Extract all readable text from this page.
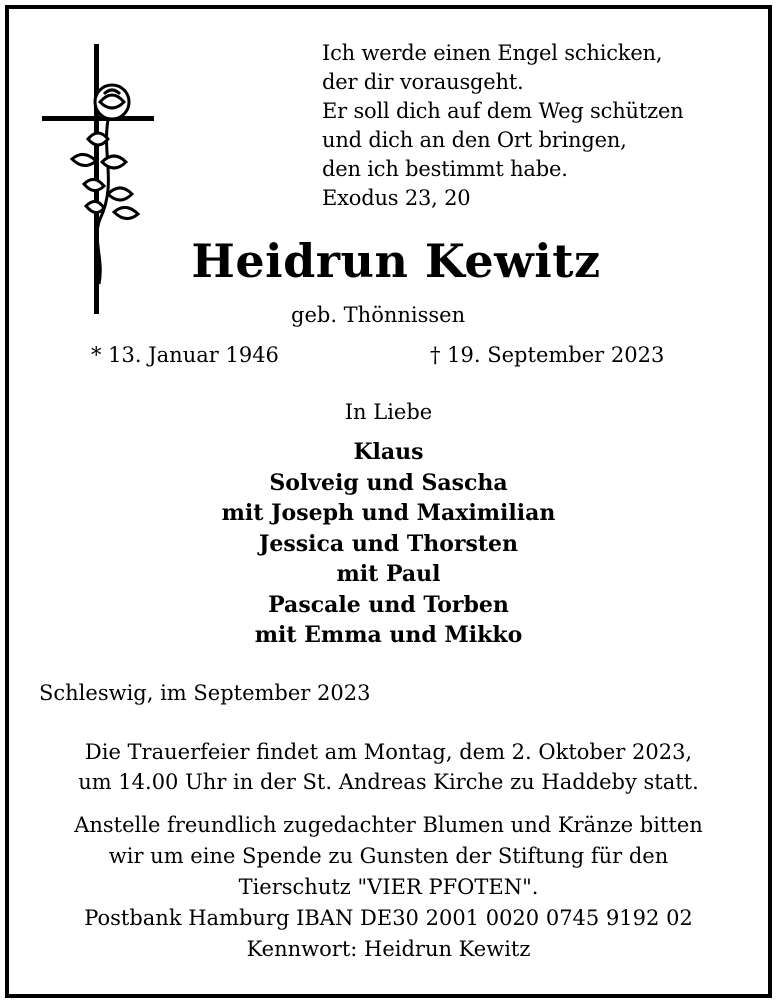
Ich werde einen Engel schicken,
der dir vorausgeht.
Er soll dich auf dem Weg schützen
und dich an den Ort bringen,
den ich bestimmt habe.
Exodus 23, 20
Heidrun Kewitz
geb. Thönnissen
* 13. Januar 1946	† 19. September 2023
In Liebe
Klaus
Solveig und Sascha
mit Joseph und Maximilian
Jessica und Thorsten
mit Paul
Pascale und Torben
mit Emma und Mikko
Schleswig, im September 2023
Die Trauerfeier findet am Montag, dem 2. Oktober 2023,
um 14.00 Uhr in der St. Andreas Kirche zu Haddeby statt.
Anstelle freundlich zugedachter Blumen und Kränze bitten
wir um eine Spende zu Gunsten der Stiftung für den
Tierschutz "VIER PFOTEN".
Postbank Hamburg IBAN DE30 2001 0020 0745 9192 02
Kennwort: Heidrun Kewitz
